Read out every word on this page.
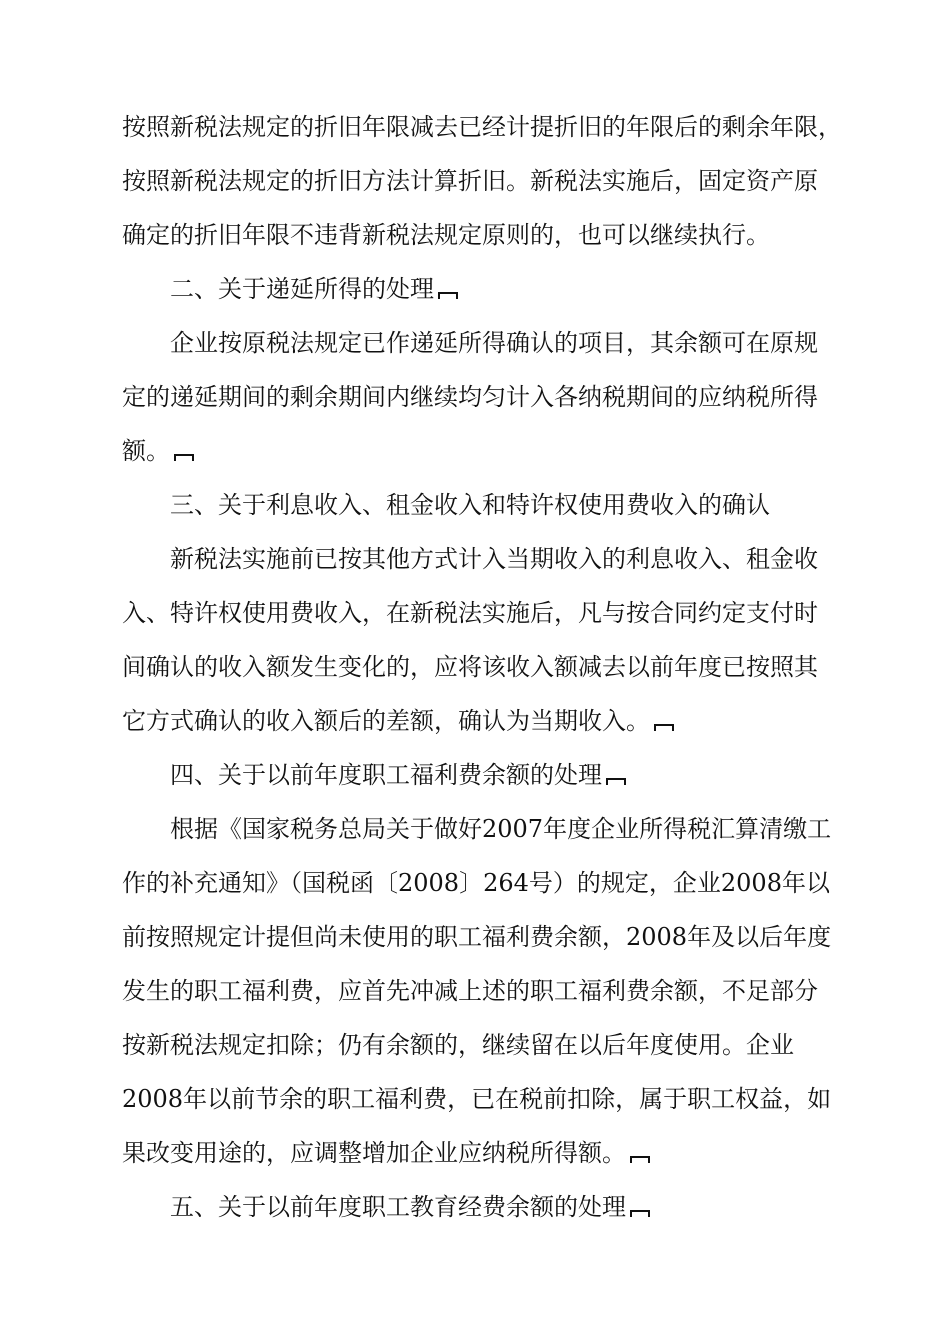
按照新税法规定的折旧年限减去已经计提折旧的年限后的剩余年限，
按照新税法规定的折旧方法计算折旧。新税法实施后，固定资产原
确定的折旧年限不违背新税法规定原则的，也可以继续执行。
二、关于递延所得的处理
企业按原税法规定已作递延所得确认的项目，其余额可在原规
定的递延期间的剩余期间内继续均匀计入各纳税期间的应纳税所得
额。
三、关于利息收入、租金收入和特许权使用费收入的确认
新税法实施前已按其他方式计入当期收入的利息收入、租金收
入、特许权使用费收入，在新税法实施后，凡与按合同约定支付时
间确认的收入额发生变化的，应将该收入额减去以前年度已按照其
它方式确认的收入额后的差额，确认为当期收入。
四、关于以前年度职工福利费余额的处理
根据《国家税务总局关于做好2007年度企业所得税汇算清缴工
作的补充通知》（国税函〔2008〕264号）的规定，企业2008年以
前按照规定计提但尚未使用的职工福利费余额，2008年及以后年度
发生的职工福利费，应首先冲减上述的职工福利费余额，不足部分
按新税法规定扣除；仍有余额的，继续留在以后年度使用。企业
2008年以前节余的职工福利费，已在税前扣除，属于职工权益，如
果改变用途的，应调整增加企业应纳税所得额。
五、关于以前年度职工教育经费余额的处理
